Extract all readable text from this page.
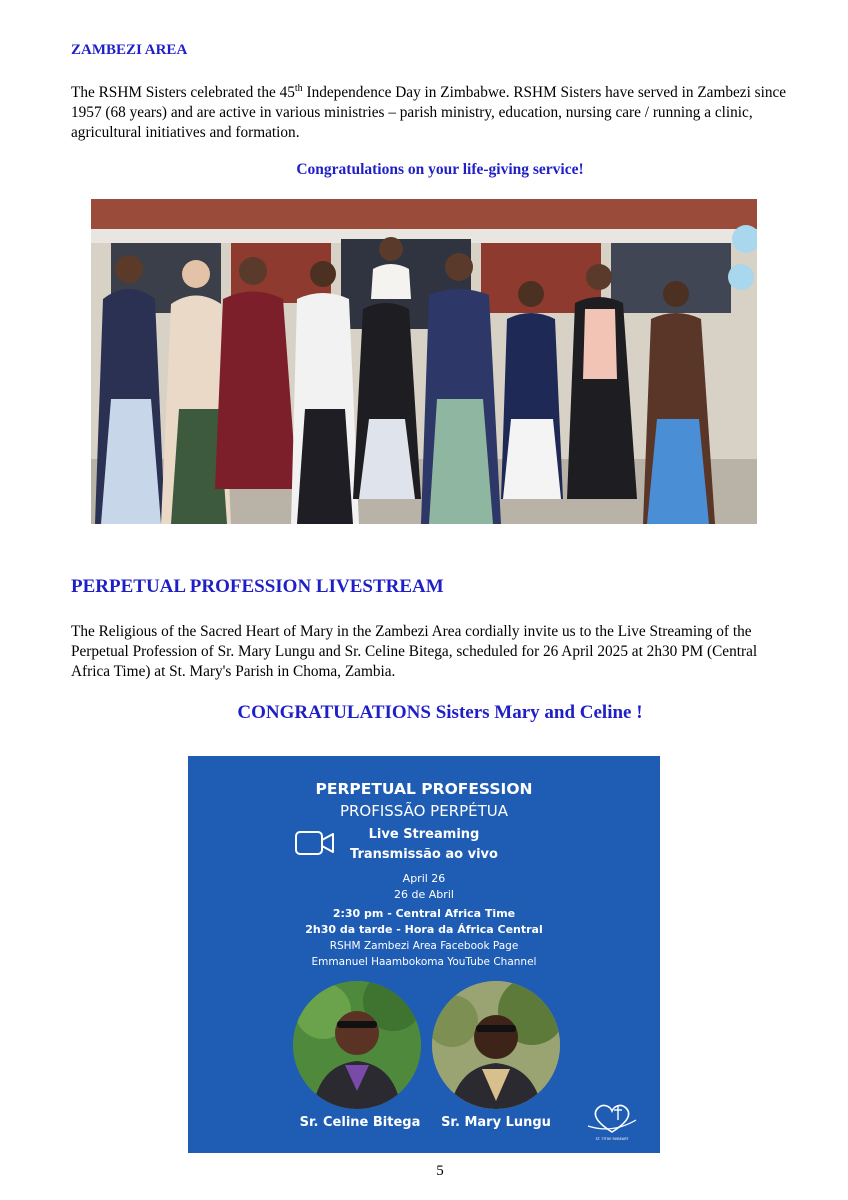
ZAMBEZI AREA
The RSHM Sisters celebrated the 45th Independence Day in Zimbabwe. RSHM Sisters have served in Zambezi since 1957 (68 years) and are active in various ministries – parish ministry, education, nursing care / running a clinic, agricultural initiatives and formation.
Congratulations on your life-giving service!
PERPETUAL PROFESSION LIVESTREAM
The Religious of the Sacred Heart of Mary in the Zambezi Area cordially invite us to the Live Streaming of the Perpetual Profession of Sr. Mary Lungu and Sr. Celine Bitega, scheduled for 26 April 2025 at 2h30 PM (Central Africa Time) at St. Mary's Parish in Choma, Zambia.
CONGRATULATIONS Sisters Mary and Celine !
PERPETUAL PROFESSION
PROFISSÃO PERPÉTUA
Live Streaming
Transmissão ao vivo
April 26
26 de Abril
2:30 pm - Central Africa Time
2h30 da tarde - Hora da África Central
RSHM Zambezi Area Facebook Page
Emmanuel Haambokoma YouTube Channel
Sr. Celine Bitega	Sr. Mary Lungu
ST. TITHE RHBEART
5
